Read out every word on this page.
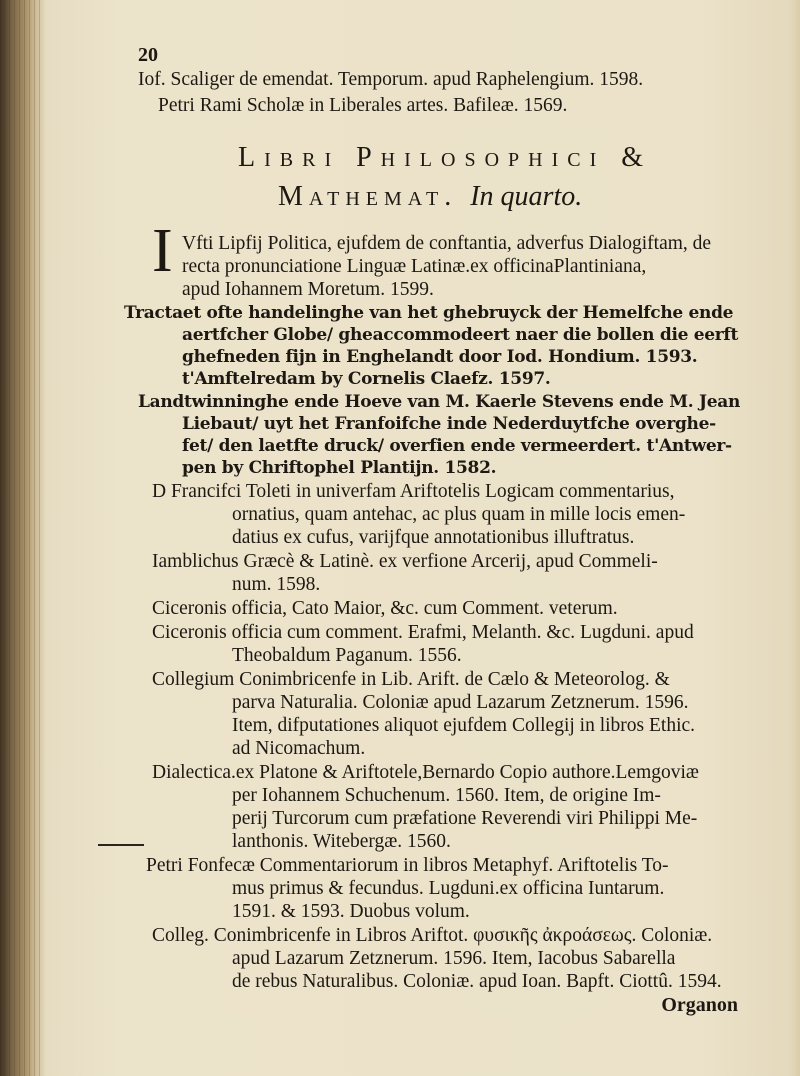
20
Iof. Scaliger de emendat. Temporum. apud Raphelengium. 1598.
Petri Rami Scholæ in Liberales artes. Bafileæ. 1569.
Libri Philosophici &
Mathemat. In quarto.
I Vfti Lipfij Politica, ejufdem de conftantia, adverfus Dialogiftam, de
recta pronunciatione Linguæ Latinæ.ex officinaPlantiniana,
apud Iohannem Moretum. 1599.
Tractaet ofte handelinghe van het ghebruyck der Hemelfche ende
aertfcher Globe/ gheaccommodeert naer die bollen die eerft
ghefneden fijn in Enghelandt door Iod. Hondium. 1593.
t'Amftelredam by Cornelis Claefz. 1597.
Landtwinninghe ende Hoeve van M. Kaerle Stevens ende M. Jean
Liebaut/ uyt het Franfoifche inde Nederduytfche overghe-
fet/ den laetfte druck/ overfien ende vermeerdert. t'Antwer-
pen by Chriftophel Plantijn. 1582.
D Francifci Toleti in univerfam Ariftotelis Logicam commentarius,
ornatius, quam antehac, ac plus quam in mille locis emen-
datius ex cufus, varijfque annotationibus illuftratus.
Iamblichus Græcè & Latinè. ex verfione Arcerij, apud Commeli-
num. 1598.
Ciceronis officia, Cato Maior, &c. cum Comment. veterum.
Ciceronis officia cum comment. Erafmi, Melanth. &c. Lugduni. apud
Theobaldum Paganum. 1556.
Collegium Conimbricenfe in Lib. Arift. de Cælo & Meteorolog. &
parva Naturalia. Coloniæ apud Lazarum Zetznerum. 1596.
Item, difputationes aliquot ejufdem Collegij in libros Ethic.
ad Nicomachum.
Dialectica.ex Platone & Ariftotele,Bernardo Copio authore.Lemgoviæ
per Iohannem Schuchenum. 1560. Item, de origine Im-
perij Turcorum cum præfatione Reverendi viri Philippi Me-
lanthonis. Witebergæ. 1560.
Petri Fonfecæ Commentariorum in libros Metaphyf. Ariftotelis To-
mus primus & fecundus. Lugduni.ex officina Iuntarum.
1591. & 1593. Duobus volum.
Colleg. Conimbricenfe in Libros Ariftot. φυσικῆς ἀκροάσεως. Coloniæ.
apud Lazarum Zetznerum. 1596. Item, Iacobus Sabarella
de rebus Naturalibus. Coloniæ. apud Ioan. Bapft. Ciottû. 1594.
Organon
